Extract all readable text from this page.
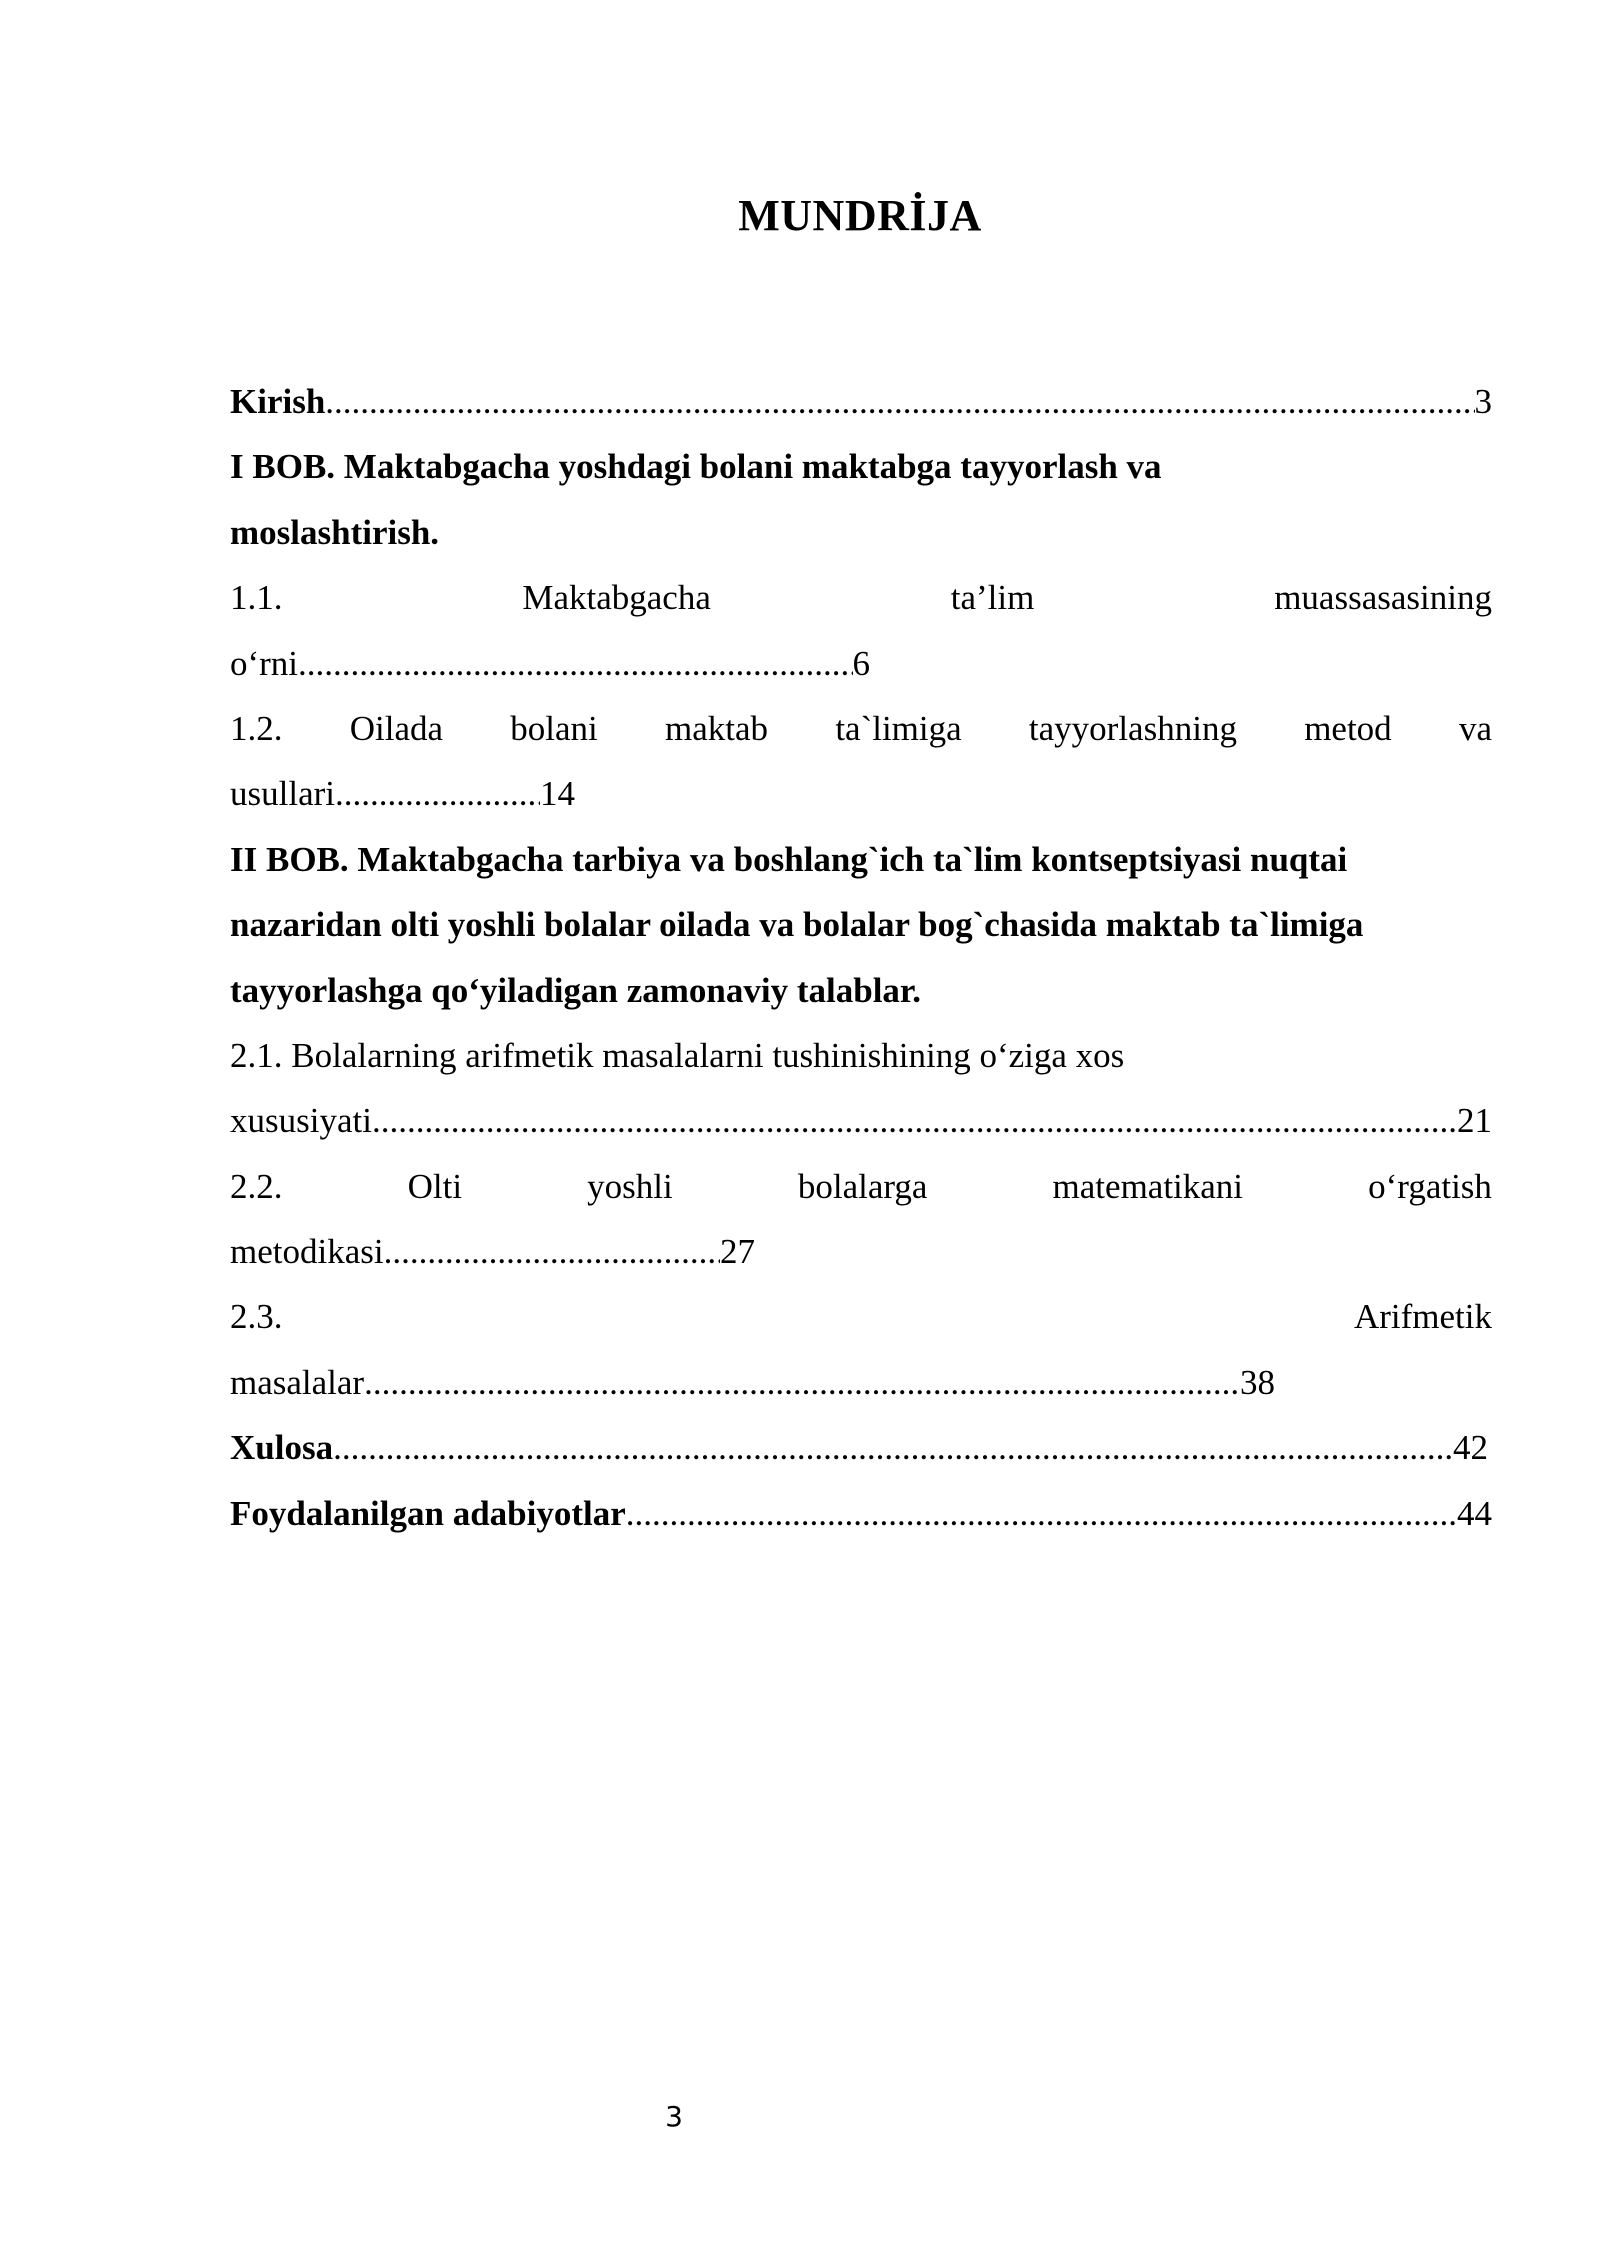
MUNDRİJA
Kirish .....	3
I BOB. Maktabgacha yoshdagi bolani maktabga tayyorlash va
moslashtirish.
1.1.	Maktabgacha	ta’lim	muassasasining
o‘rni .....	6
1.2. Oilada bolani maktab ta`limiga tayyorlashning metod va
usullari .....	14
II BOB. Maktabgacha tarbiya va boshlang`ich ta`lim kontseptsiyasi nuqtai
nazaridan olti yoshli bolalar oilada va bolalar bog`chasida maktab ta`limiga
tayyorlashga qo‘yiladigan zamonaviy talablar.
2.1. Bolalarning arifmetik masalalarni tushinishining o‘ziga xos
xususiyati .....	21
2.2.	Olti	yoshli	bolalarga	matematikani	o‘rgatish
metodikasi .....	27
2.3.	Arifmetik
masalalar .....	38
Xulosa .....	42
Foydalanilgan adabiyotlar .....	44
3
